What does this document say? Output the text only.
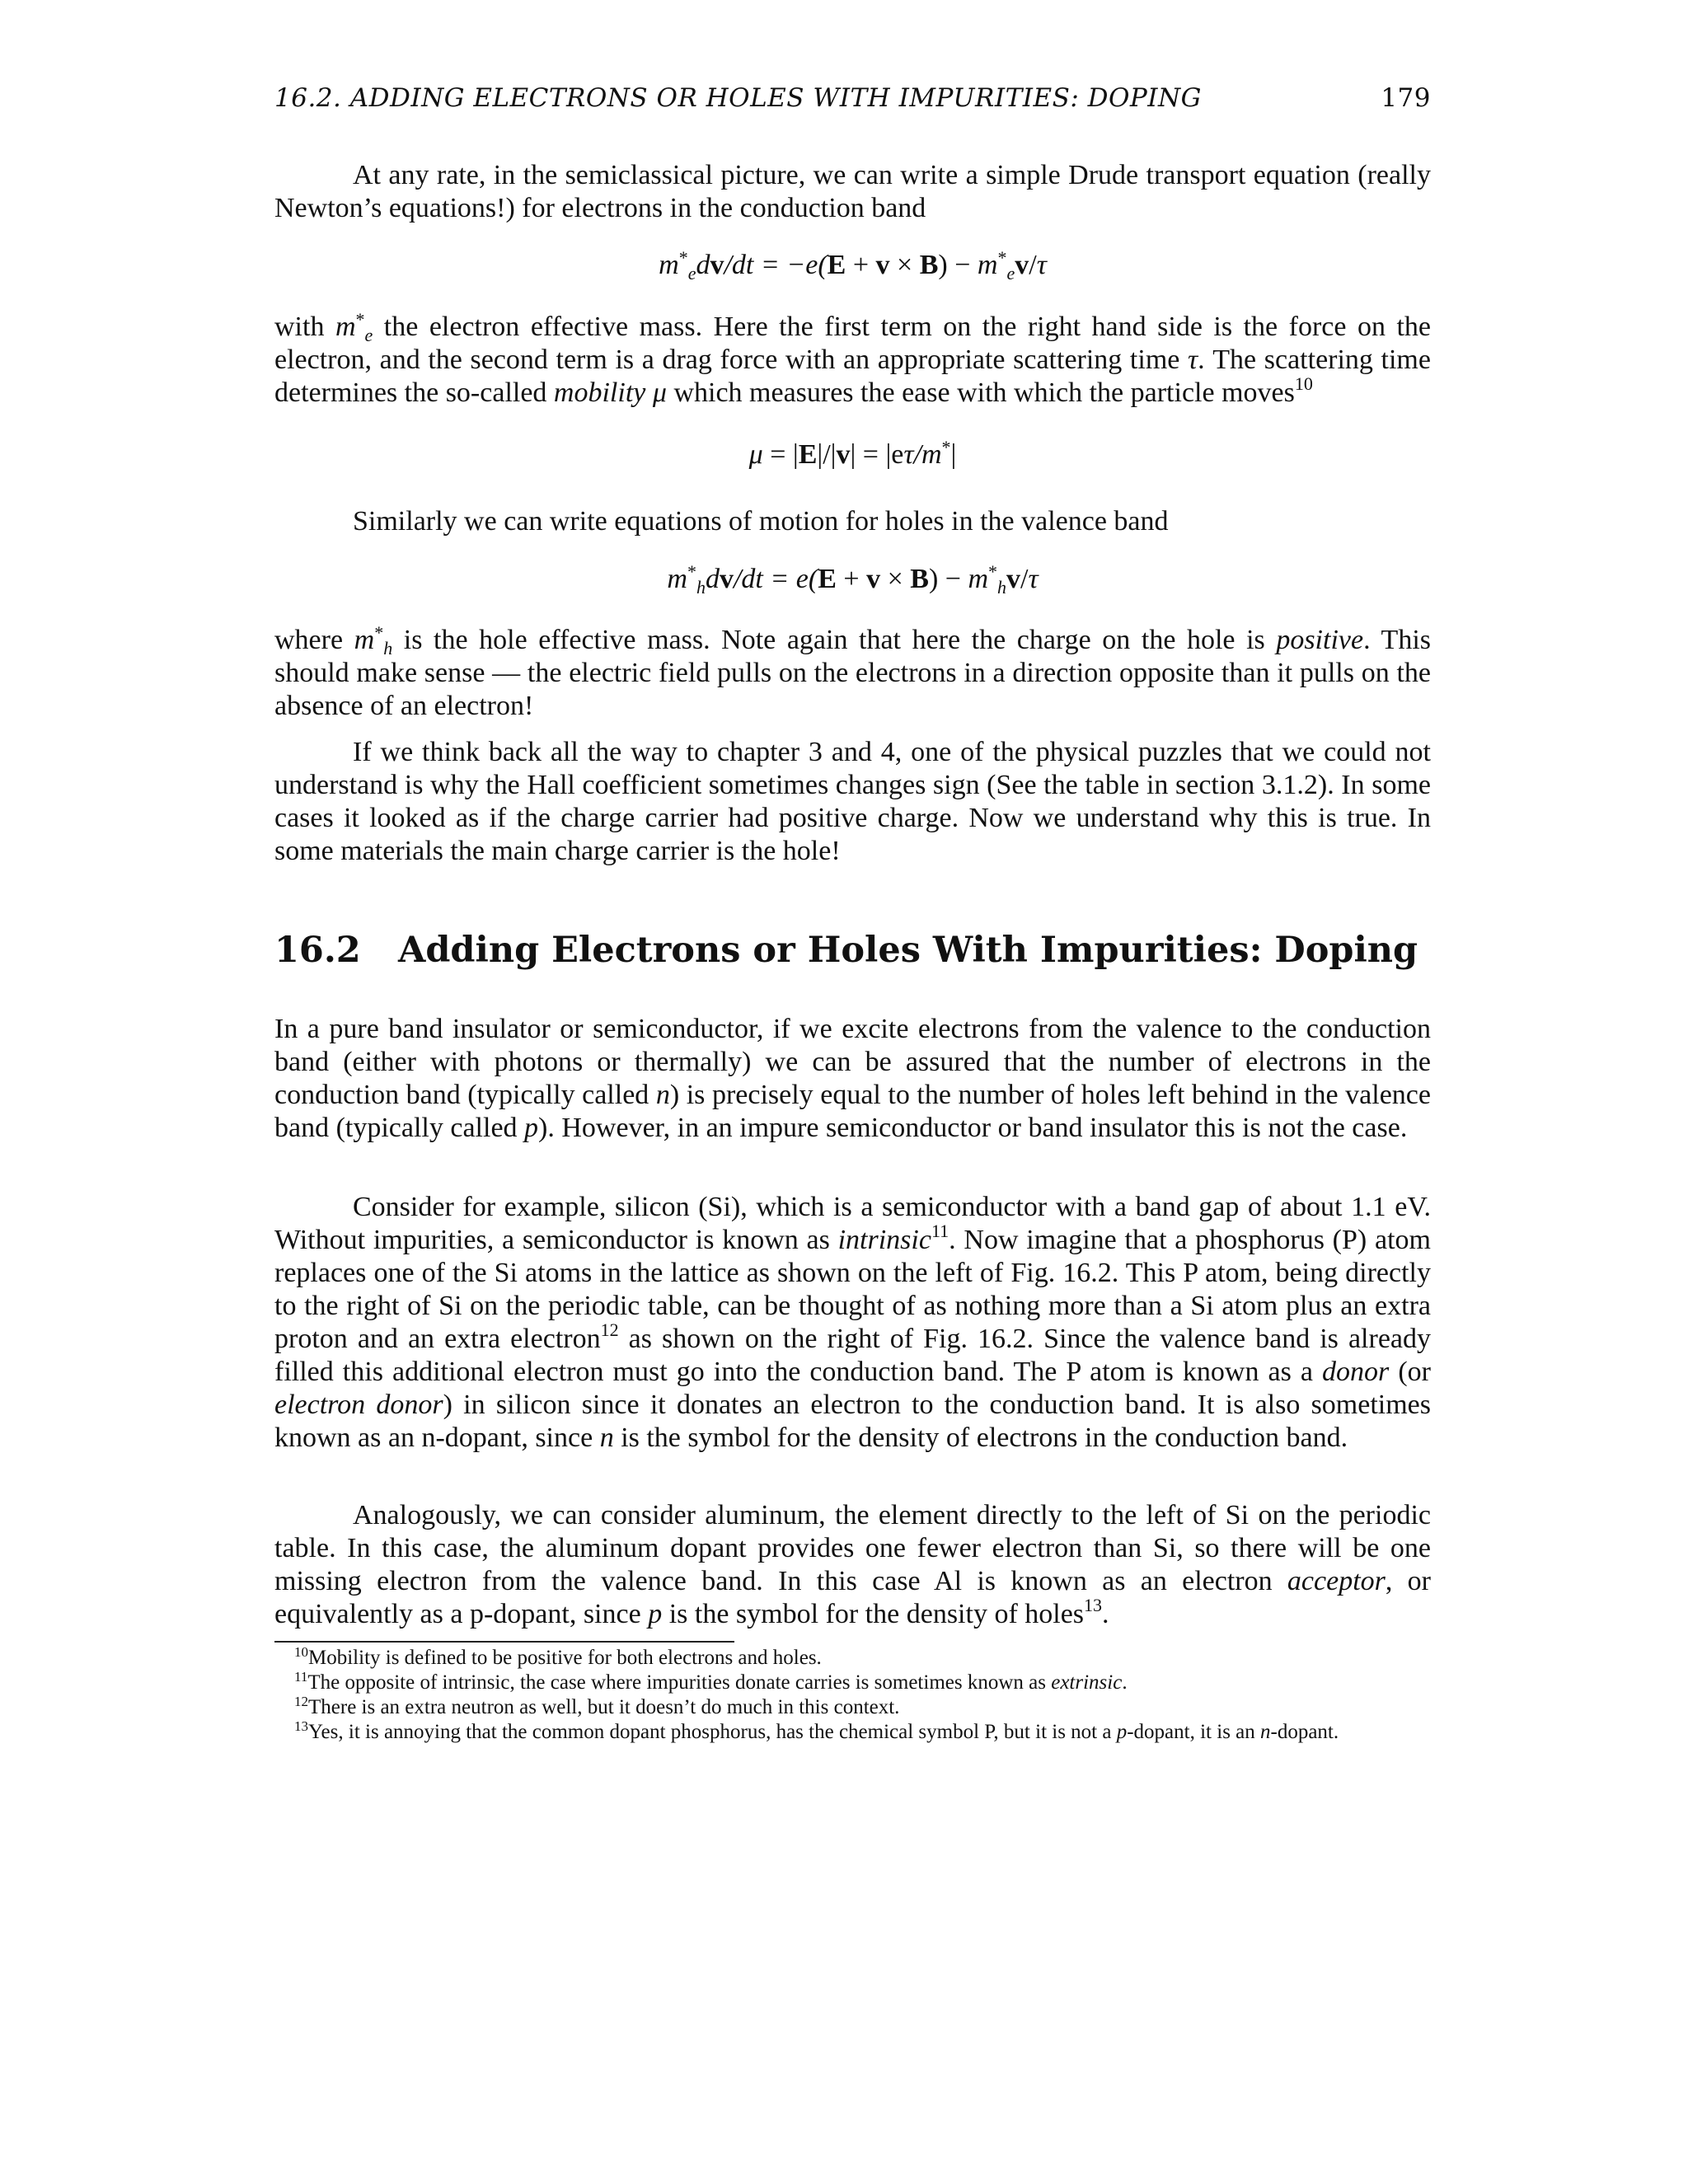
16.2. ADDING ELECTRONS OR HOLES WITH IMPURITIES: DOPING	179

At any rate, in the semiclassical picture, we can write a simple Drude transport equation (really Newton’s equations!) for electrons in the conduction band

$m^*_edv/dt = -e(E + v \times B) - m^*_ev/\tau$

with $m^*_e$ the electron effective mass. Here the first term on the right hand side is the force on the electron, and the second term is a drag force with an appropriate scattering time τ. The scattering time determines the so-called mobility μ which measures the ease with which the particle moves$^{10}$

μ = |E|/|v| = |eτ/m*|

Similarly we can write equations of motion for holes in the valence band

$m^*_hdv/dt = e(E + v \times B) - m^*_hv/\tau$

where $m^*_h$ is the hole effective mass. Note again that here the charge on the hole is positive. This should make sense — the electric field pulls on the electrons in a direction opposite than it pulls on the absence of an electron!

If we think back all the way to chapter 3 and 4, one of the physical puzzles that we could not understand is why the Hall coefficient sometimes changes sign (See the table in section 3.1.2). In some cases it looked as if the charge carrier had positive charge. Now we understand why this is true. In some materials the main charge carrier is the hole!

16.2 Adding Electrons or Holes With Impurities: Doping

In a pure band insulator or semiconductor, if we excite electrons from the valence to the conduction band (either with photons or thermally) we can be assured that the number of electrons in the conduction band (typically called n) is precisely equal to the number of holes left behind in the valence band (typically called p). However, in an impure semiconductor or band insulator this is not the case.

Consider for example, silicon (Si), which is a semiconductor with a band gap of about 1.1 eV. Without impurities, a semiconductor is known as intrinsic$^{11}$. Now imagine that a phosphorus (P) atom replaces one of the Si atoms in the lattice as shown on the left of Fig. 16.2. This P atom, being directly to the right of Si on the periodic table, can be thought of as nothing more than a Si atom plus an extra proton and an extra electron$^{12}$ as shown on the right of Fig. 16.2. Since the valence band is already filled this additional electron must go into the conduction band. The P atom is known as a donor (or electron donor) in silicon since it donates an electron to the conduction band. It is also sometimes known as an n-dopant, since n is the symbol for the density of electrons in the conduction band.

Analogously, we can consider aluminum, the element directly to the left of Si on the periodic table. In this case, the aluminum dopant provides one fewer electron than Si, so there will be one missing electron from the valence band. In this case Al is known as an electron acceptor, or equivalently as a p-dopant, since p is the symbol for the density of holes$^{13}$.

$^{10}$Mobility is defined to be positive for both electrons and holes.

$^{11}$The opposite of intrinsic, the case where impurities donate carries is sometimes known as extrinsic.

$^{12}$There is an extra neutron as well, but it doesn’t do much in this context.

$^{13}$Yes, it is annoying that the common dopant phosphorus, has the chemical symbol P, but it is not a p-dopant, it is an n-dopant.
